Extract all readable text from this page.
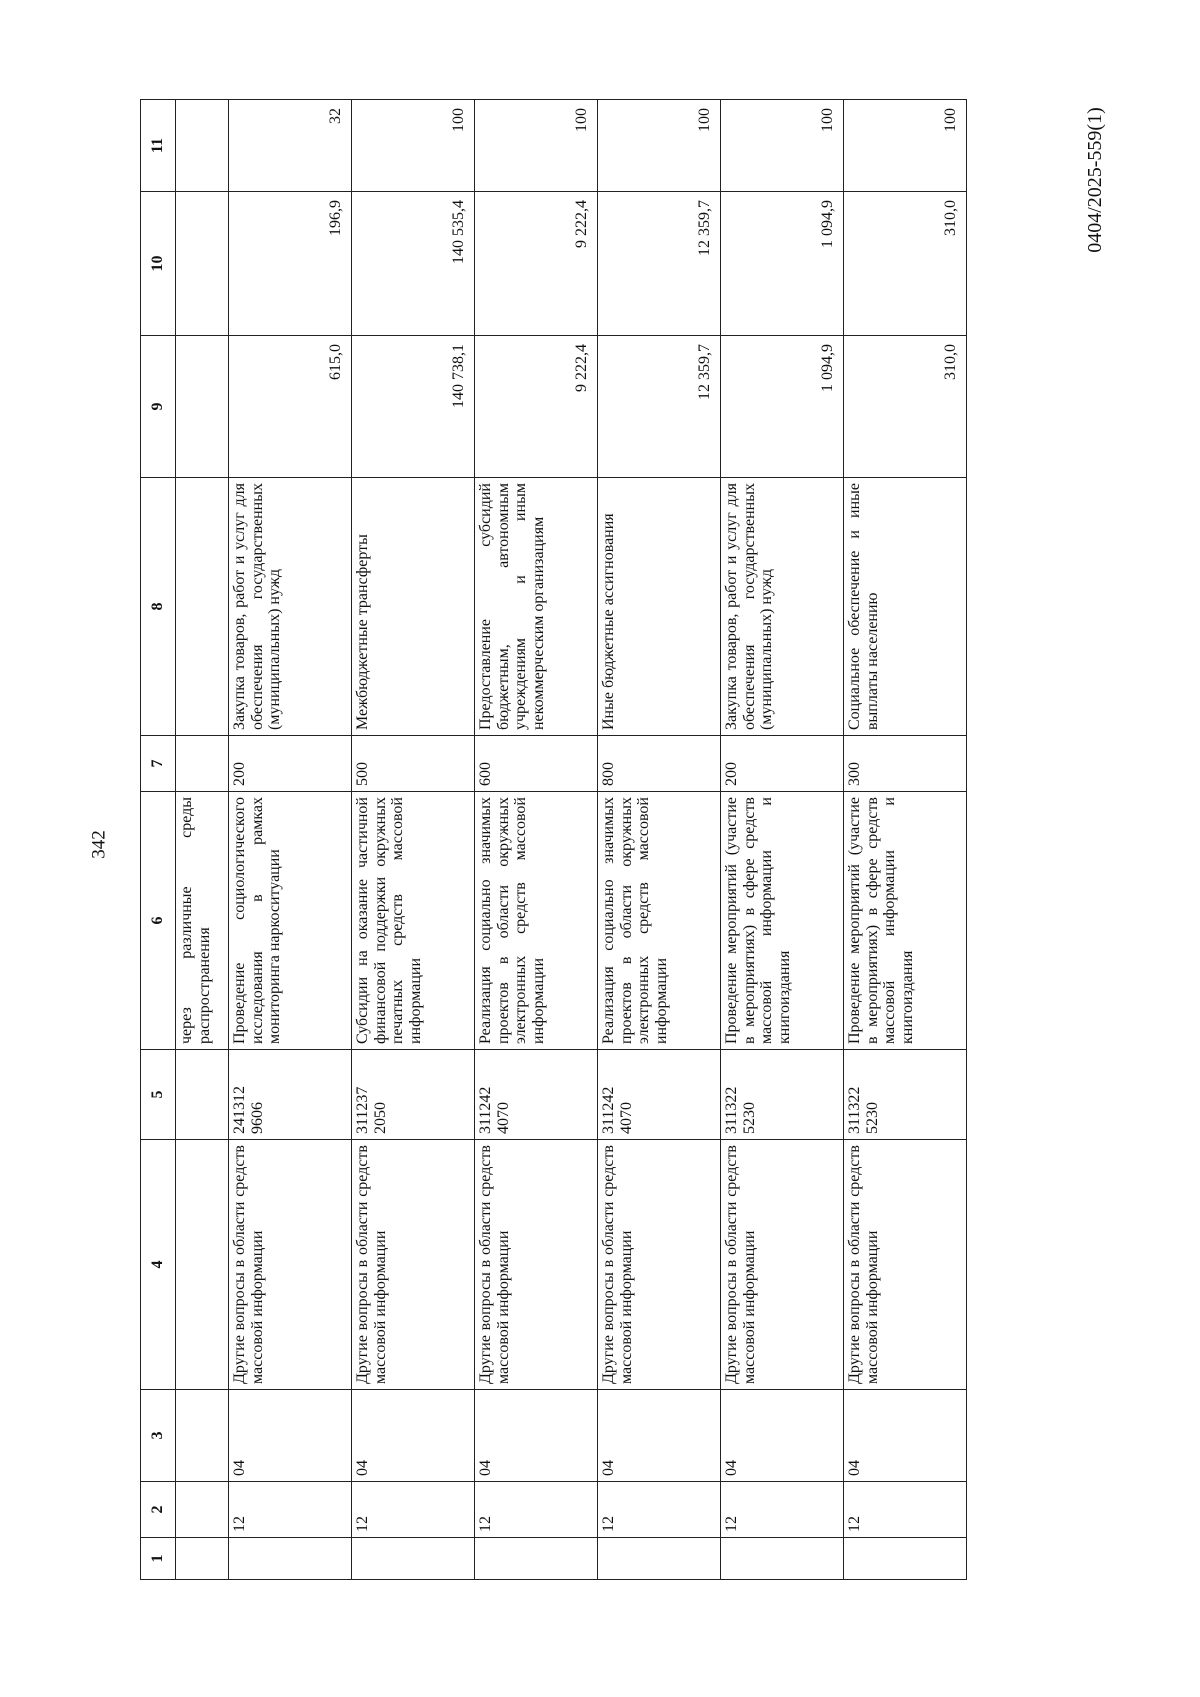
342
0404/2025-559(1)
1	2	3	4	5	6	7	8	9	10	11
					через различные среды распространения					
	12	04	Другие вопросы в области средств массовой информации	241312 9606	Проведение социологического исследования в рамках мониторинга наркоситуации	200	Закупка товаров, работ и услуг для обеспечения государственных (муниципальных) нужд	615,0	196,9	32

	12	04	Другие вопросы в области средств массовой информации	311237 2050	Субсидии на оказание частичной финансовой поддержки окружных печатных средств массовой информации	500	Межбюджетные трансферты	140 738,1	140 535,4	100

	12	04	Другие вопросы в области средств массовой информации	311242 4070	Реализация социально значимых проектов в области окружных электронных средств массовой информации	600	Предоставление субсидий бюджетным, автономным учреждениям и иным некоммерческим организациям	9 222,4	9 222,4	100

	12	04	Другие вопросы в области средств массовой информации	311242 4070	Реализация социально значимых проектов в области окружных электронных средств массовой информации	800	Иные бюджетные ассигнования	12 359,7	12 359,7	100

	12	04	Другие вопросы в области средств массовой информации	311322 5230	Проведение мероприятий (участие в мероприятиях) в сфере средств массовой информации и книгоиздания	200	Закупка товаров, работ и услуг для обеспечения государственных (муниципальных) нужд	1 094,9	1 094,9	100

	12	04	Другие вопросы в области средств массовой информации	311322 5230	Проведение мероприятий (участие в мероприятиях) в сфере средств массовой информации и книгоиздания	300	Социальное обеспечение и иные выплаты населению	310,0	310,0	100
